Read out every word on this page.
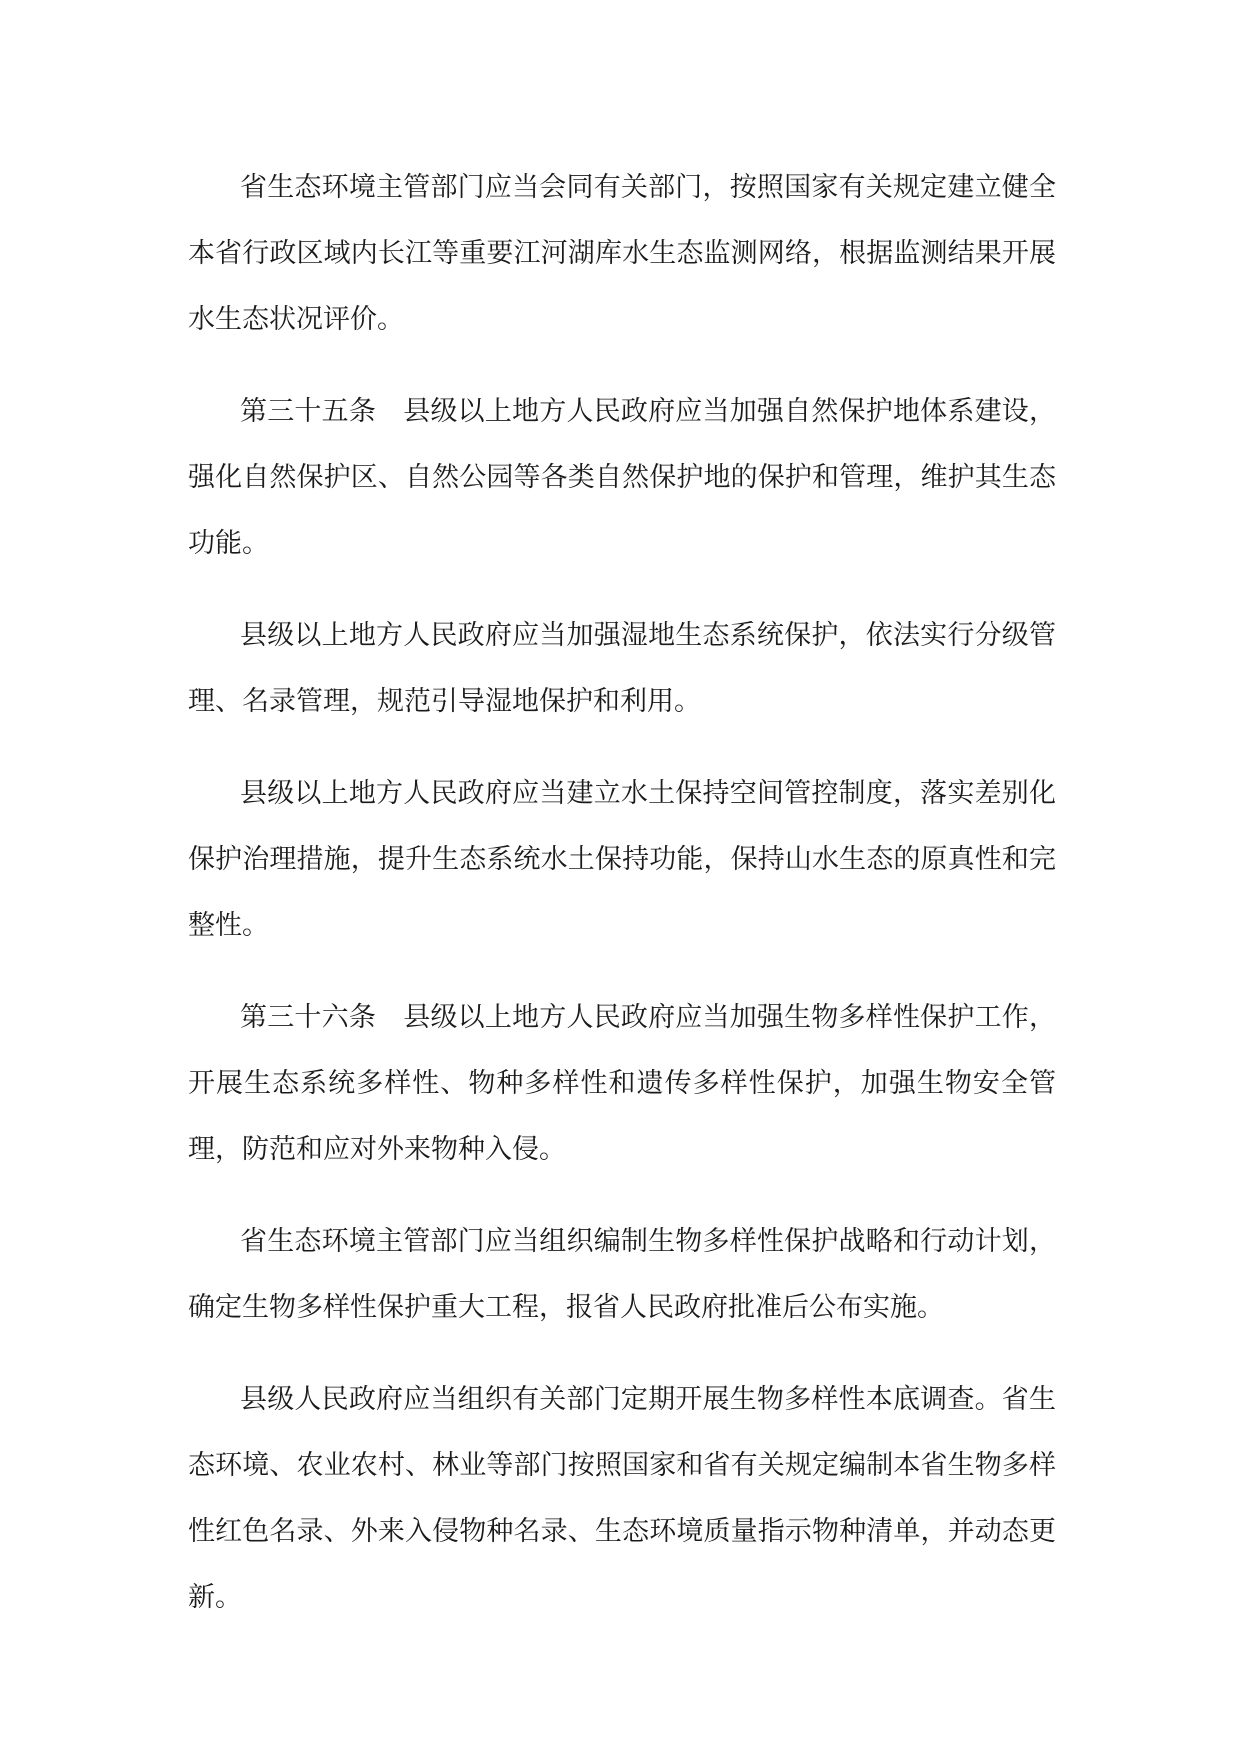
省生态环境主管部门应当会同有关部门，按照国家有关规定建立健全本省行政区域内长江等重要江河湖库水生态监测网络，根据监测结果开展水生态状况评价。

第三十五条　县级以上地方人民政府应当加强自然保护地体系建设，强化自然保护区、自然公园等各类自然保护地的保护和管理，维护其生态功能。

县级以上地方人民政府应当加强湿地生态系统保护，依法实行分级管理、名录管理，规范引导湿地保护和利用。

县级以上地方人民政府应当建立水土保持空间管控制度，落实差别化保护治理措施，提升生态系统水土保持功能，保持山水生态的原真性和完整性。

第三十六条　县级以上地方人民政府应当加强生物多样性保护工作，开展生态系统多样性、物种多样性和遗传多样性保护，加强生物安全管理，防范和应对外来物种入侵。

省生态环境主管部门应当组织编制生物多样性保护战略和行动计划，确定生物多样性保护重大工程，报省人民政府批准后公布实施。

县级人民政府应当组织有关部门定期开展生物多样性本底调查。省生态环境、农业农村、林业等部门按照国家和省有关规定编制本省生物多样性红色名录、外来入侵物种名录、生态环境质量指示物种清单，并动态更新。
